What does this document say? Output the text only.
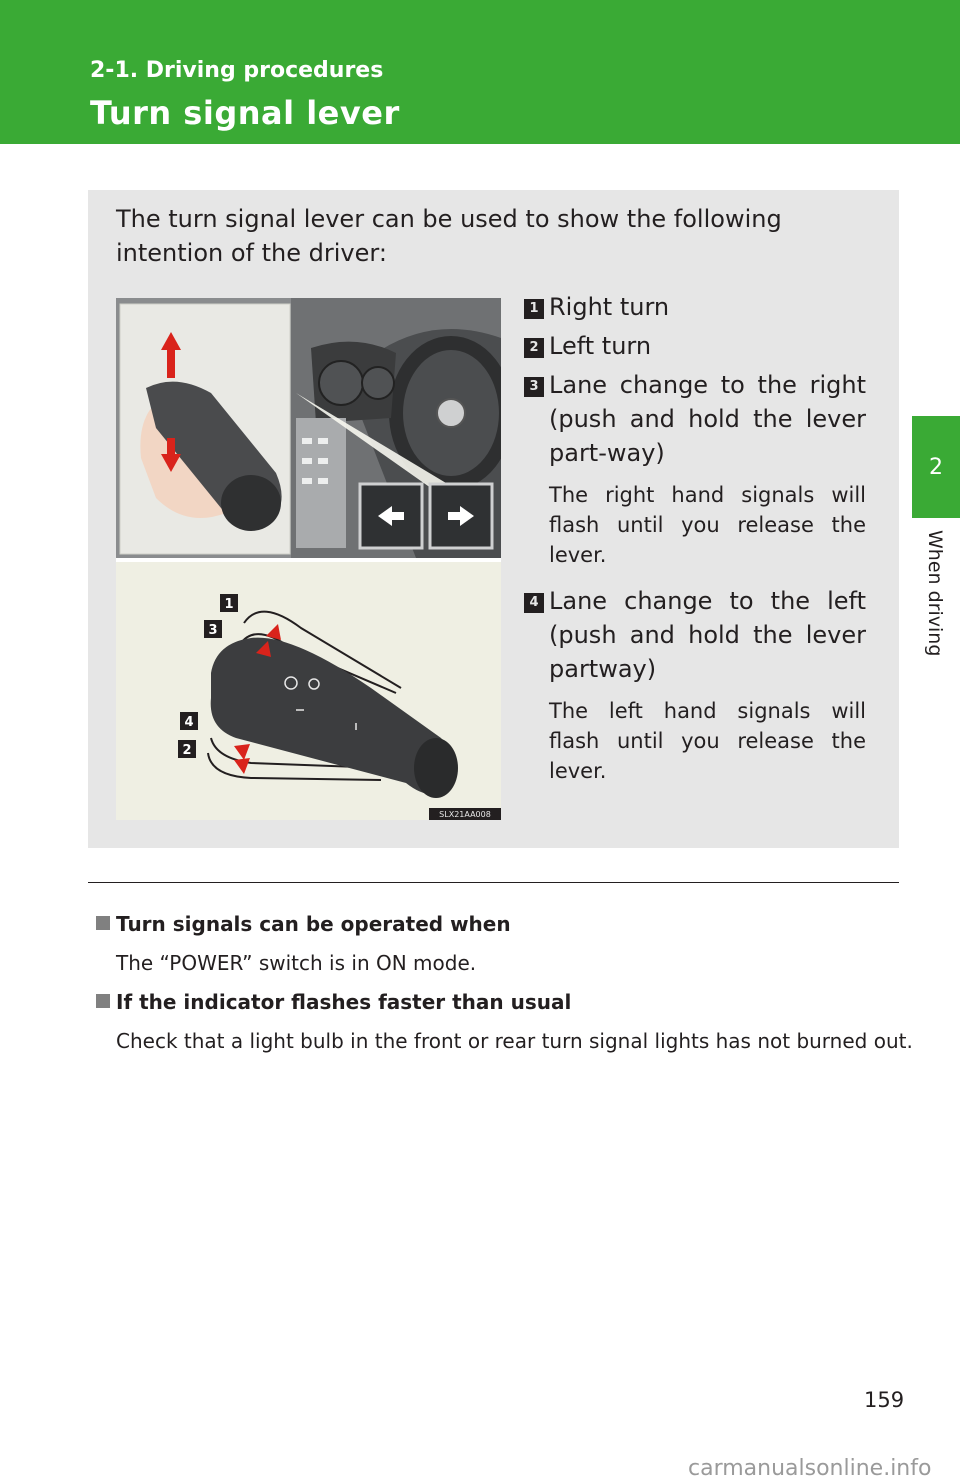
2-1. Driving procedures
Turn signal lever
2
When driving
The turn signal lever can be used to show the following intention of the driver:
1
3
4
2
SLX21AA008
1 Right turn
2 Left turn
3 Lane change to the right (push and hold the lever part-way)
The right hand signals will flash until you release the lever.
4 Lane change to the left (push and hold the lever partway)
The left hand signals will flash until you release the lever.
Turn signals can be operated when
The “POWER” switch is in ON mode.
If the indicator flashes faster than usual
Check that a light bulb in the front or rear turn signal lights has not burned out.
159
carmanualsonline.info
